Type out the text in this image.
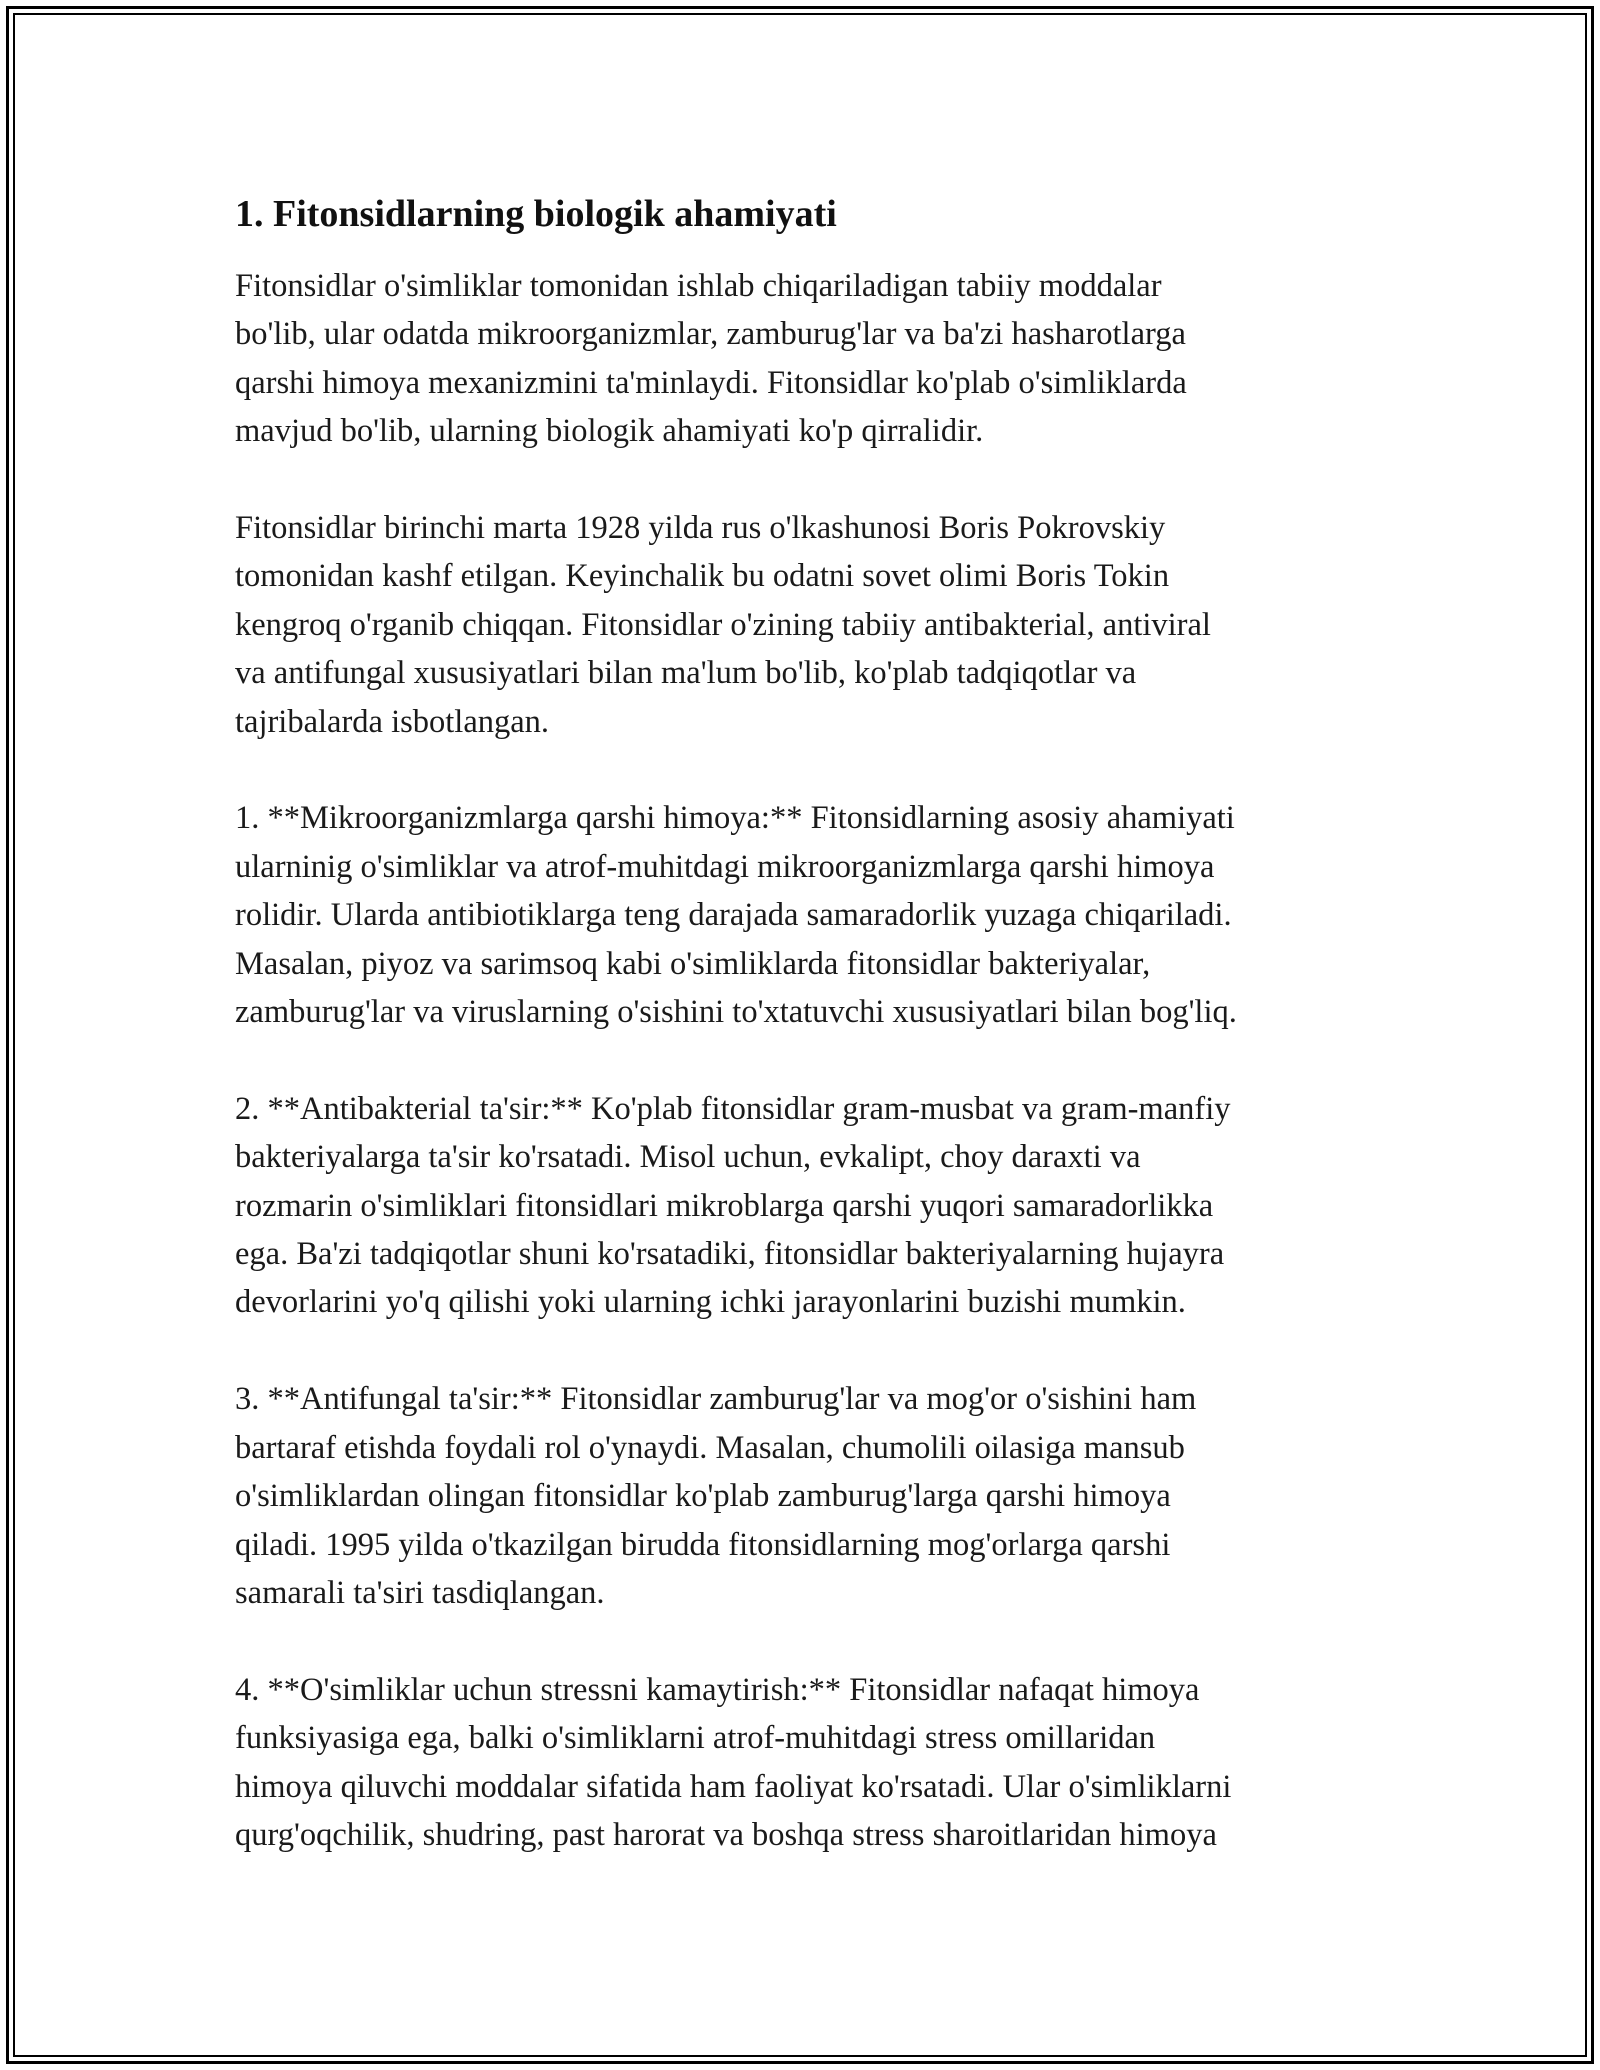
1. Fitonsidlarning biologik ahamiyati

Fitonsidlar o'simliklar tomonidan ishlab chiqariladigan tabiiy moddalar
bo'lib, ular odatda mikroorganizmlar, zamburug'lar va ba'zi hasharotlarga
qarshi himoya mexanizmini ta'minlaydi. Fitonsidlar ko'plab o'simliklarda
mavjud bo'lib, ularning biologik ahamiyati ko'p qirralidir.

Fitonsidlar birinchi marta 1928 yilda rus o'lkashunosi Boris Pokrovskiy
tomonidan kashf etilgan. Keyinchalik bu odatni sovet olimi Boris Tokin
kengroq o'rganib chiqqan. Fitonsidlar o'zining tabiiy antibakterial, antiviral
va antifungal xususiyatlari bilan ma'lum bo'lib, ko'plab tadqiqotlar va
tajribalarda isbotlangan.

1. **Mikroorganizmlarga qarshi himoya:** Fitonsidlarning asosiy ahamiyati
ularninig o'simliklar va atrof-muhitdagi mikroorganizmlarga qarshi himoya
rolidir. Ularda antibiotiklarga teng darajada samaradorlik yuzaga chiqariladi.
Masalan, piyoz va sarimsoq kabi o'simliklarda fitonsidlar bakteriyalar,
zamburug'lar va viruslarning o'sishini to'xtatuvchi xususiyatlari bilan bog'liq.

2. **Antibakterial ta'sir:** Ko'plab fitonsidlar gram-musbat va gram-manfiy
bakteriyalarga ta'sir ko'rsatadi. Misol uchun, evkalipt, choy daraxti va
rozmarin o'simliklari fitonsidlari mikroblarga qarshi yuqori samaradorlikka
ega. Ba'zi tadqiqotlar shuni ko'rsatadiki, fitonsidlar bakteriyalarning hujayra
devorlarini yo'q qilishi yoki ularning ichki jarayonlarini buzishi mumkin.

3. **Antifungal ta'sir:** Fitonsidlar zamburug'lar va mog'or o'sishini ham
bartaraf etishda foydali rol o'ynaydi. Masalan, chumolili oilasiga mansub
o'simliklardan olingan fitonsidlar ko'plab zamburug'larga qarshi himoya
qiladi. 1995 yilda o'tkazilgan birudda fitonsidlarning mog'orlarga qarshi
samarali ta'siri tasdiqlangan.

4. **O'simliklar uchun stressni kamaytirish:** Fitonsidlar nafaqat himoya
funksiyasiga ega, balki o'simliklarni atrof-muhitdagi stress omillaridan
himoya qiluvchi moddalar sifatida ham faoliyat ko'rsatadi. Ular o'simliklarni
qurg'oqchilik, shudring, past harorat va boshqa stress sharoitlaridan himoya
